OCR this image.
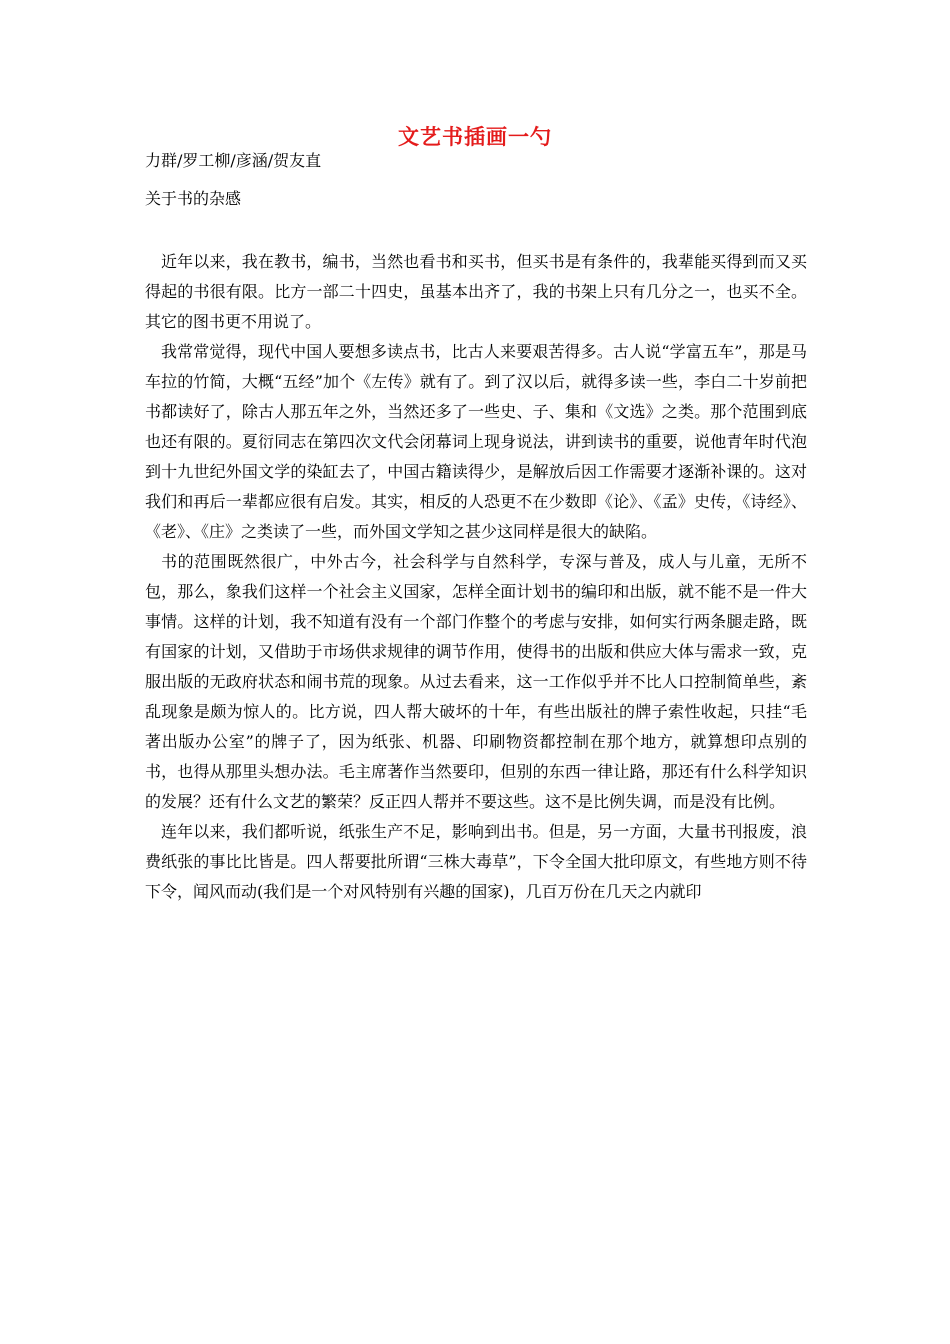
文艺书插画一勺
力群/罗工柳/彦涵/贺友直
关于书的杂感

近年以来，我在教书，编书，当然也看书和买书，但买书是有条件的，我辈能买得到而又买得起的书很有限。比方一部二十四史，虽基本出齐了，我的书架上只有几分之一，也买不全。其它的图书更不用说了。

我常常觉得，现代中国人要想多读点书，比古人来要艰苦得多。古人说“学富五车”，那是马车拉的竹简，大概“五经”加个《左传》就有了。到了汉以后，就得多读一些，李白二十岁前把书都读好了，除古人那五年之外，当然还多了一些史、子、集和《文选》之类。那个范围到底也还有限的。夏衍同志在第四次文代会闭幕词上现身说法，讲到读书的重要，说他青年时代泡到十九世纪外国文学的染缸去了，中国古籍读得少，是解放后因工作需要才逐渐补课的。这对我们和再后一辈都应很有启发。其实，相反的人恐更不在少数即《论》、《孟》史传，《诗经》、《老》、《庄》之类读了一些，而外国文学知之甚少这同样是很大的缺陷。

书的范围既然很广，中外古今，社会科学与自然科学，专深与普及，成人与儿童，无所不包，那么，象我们这样一个社会主义国家，怎样全面计划书的编印和出版，就不能不是一件大事情。这样的计划，我不知道有没有一个部门作整个的考虑与安排，如何实行两条腿走路，既有国家的计划，又借助于市场供求规律的调节作用，使得书的出版和供应大体与需求一致，克服出版的无政府状态和闹书荒的现象。从过去看来，这一工作似乎并不比人口控制简单些，紊乱现象是颇为惊人的。比方说，四人帮大破坏的十年，有些出版社的牌子索性收起，只挂“毛著出版办公室”的牌子了，因为纸张、机器、印刷物资都控制在那个地方，就算想印点别的书，也得从那里头想办法。毛主席著作当然要印，但别的东西一律让路，那还有什么科学知识的发展？还有什么文艺的繁荣？反正四人帮并不要这些。这不是比例失调，而是没有比例。

连年以来，我们都听说，纸张生产不足，影响到出书。但是，另一方面，大量书刊报废，浪费纸张的事比比皆是。四人帮要批所谓“三株大毒草”，下令全国大批印原文，有些地方则不待下令，闻风而动(我们是一个对风特别有兴趣的国家)，几百万份在几天之内就印
